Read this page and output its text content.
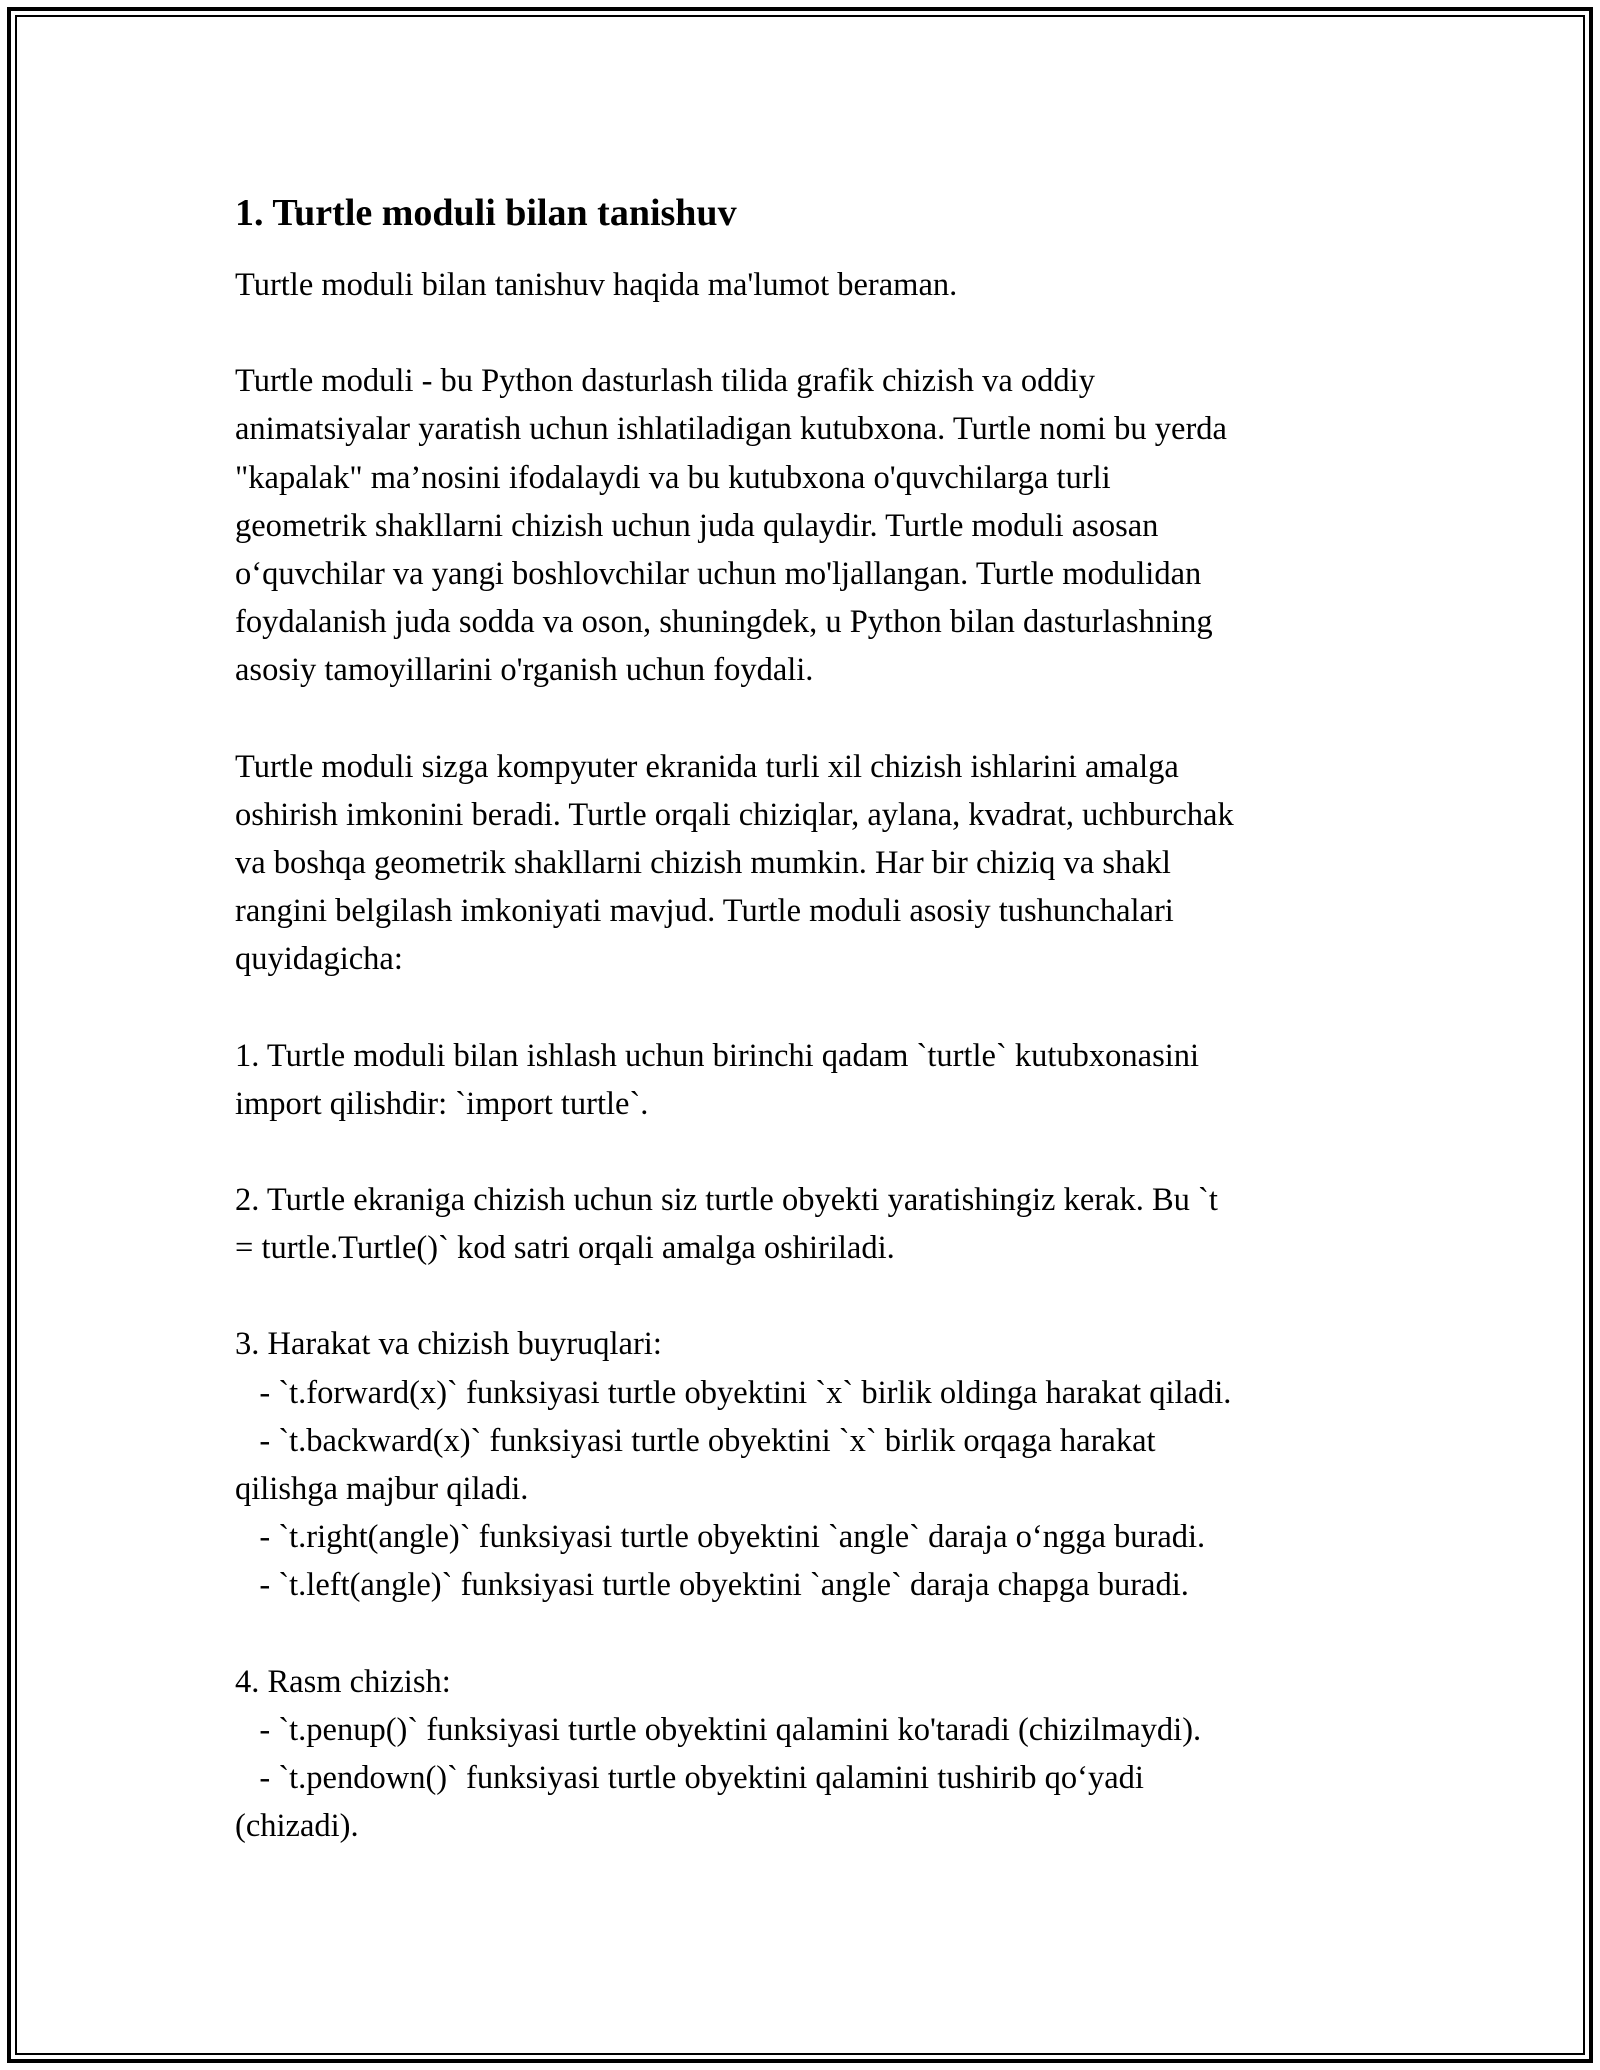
1. Turtle moduli bilan tanishuv

Turtle moduli bilan tanishuv haqida ma'lumot beraman.

Turtle moduli - bu Python dasturlash tilida grafik chizish va oddiy
animatsiyalar yaratish uchun ishlatiladigan kutubxona. Turtle nomi bu yerda
"kapalak" ma’nosini ifodalaydi va bu kutubxona o'quvchilarga turli
geometrik shakllarni chizish uchun juda qulaydir. Turtle moduli asosan
o‘quvchilar va yangi boshlovchilar uchun mo'ljallangan. Turtle modulidan
foydalanish juda sodda va oson, shuningdek, u Python bilan dasturlashning
asosiy tamoyillarini o'rganish uchun foydali.

Turtle moduli sizga kompyuter ekranida turli xil chizish ishlarini amalga
oshirish imkonini beradi. Turtle orqali chiziqlar, aylana, kvadrat, uchburchak
va boshqa geometrik shakllarni chizish mumkin. Har bir chiziq va shakl
rangini belgilash imkoniyati mavjud. Turtle moduli asosiy tushunchalari
quyidagicha:

1. Turtle moduli bilan ishlash uchun birinchi qadam `turtle` kutubxonasini
import qilishdir: `import turtle`.

2. Turtle ekraniga chizish uchun siz turtle obyekti yaratishingiz kerak. Bu `t
= turtle.Turtle()` kod satri orqali amalga oshiriladi.

3. Harakat va chizish buyruqlari:
- `t.forward(x)` funksiyasi turtle obyektini `x` birlik oldinga harakat qiladi.
- `t.backward(x)` funksiyasi turtle obyektini `x` birlik orqaga harakat
qilishga majbur qiladi.
- `t.right(angle)` funksiyasi turtle obyektini `angle` daraja o‘ngga buradi.
- `t.left(angle)` funksiyasi turtle obyektini `angle` daraja chapga buradi.

4. Rasm chizish:
- `t.penup()` funksiyasi turtle obyektini qalamini ko'taradi (chizilmaydi).
- `t.pendown()` funksiyasi turtle obyektini qalamini tushirib qo‘yadi
(chizadi).
